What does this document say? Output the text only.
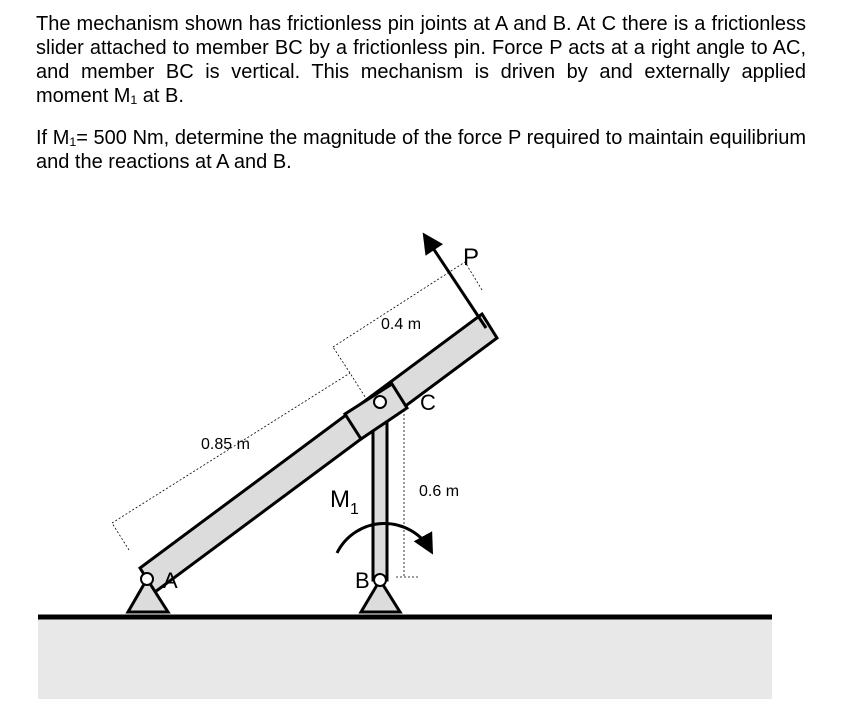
The mechanism shown has frictionless pin joints at A and B. At C there is a frictionless slider attached to member BC by a frictionless pin. Force P acts at a right angle to AC, and member BC is vertical. This mechanism is driven by and externally applied moment M₁ at B.

If M₁= 500 Nm, determine the magnitude of the force P required to maintain equilibrium and the reactions at A and B.

A	B
C
P
$M_1$
0.85 m
0.4 m
0.6 m
